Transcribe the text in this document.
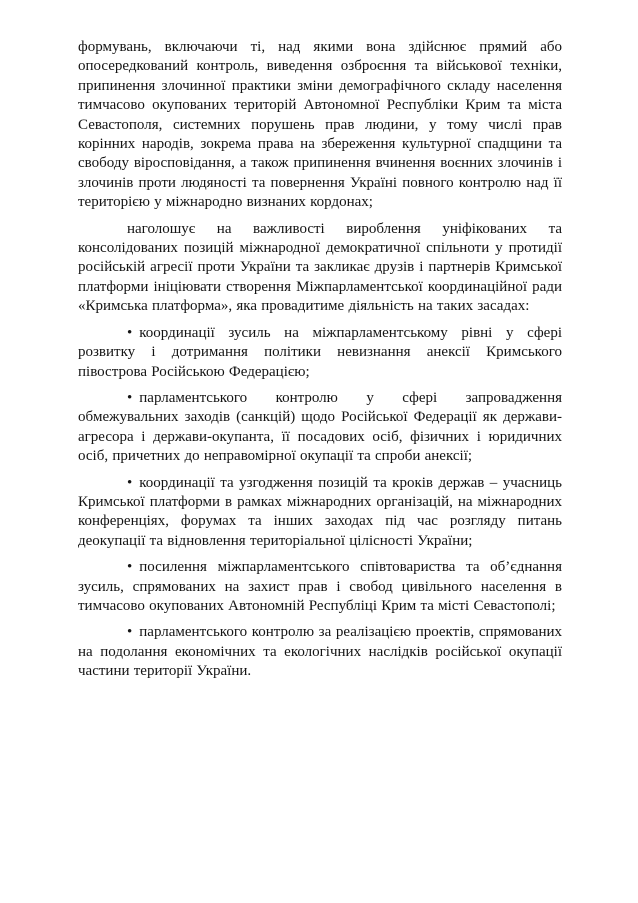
формувань, включаючи ті, над якими вона здійснює прямий або опосередкований контроль, виведення озброєння та військової техніки, припинення злочинної практики зміни демографічного складу населення тимчасово окупованих територій Автономної Республіки Крим та міста Севастополя, системних порушень прав людини, у тому числі прав корінних народів, зокрема права на збереження культурної спадщини та свободу віросповідання, а також припинення вчинення воєнних злочинів і злочинів проти людяності та повернення Україні повного контролю над її територією у міжнародно визнаних кордонах;

наголошує на важливості вироблення уніфікованих та консолідованих позицій міжнародної демократичної спільноти у протидії російській агресії проти України та закликає друзів і партнерів Кримської платформи ініціювати створення Міжпарламентської координаційної ради «Кримська платформа», яка провадитиме діяльність на таких засадах:

• координації зусиль на міжпарламентському рівні у сфері розвитку і дотримання політики невизнання анексії Кримського півострова Російською Федерацією;

• парламентського контролю у сфері запровадження обмежувальних заходів (санкцій) щодо Російської Федерації як держави-агресора і держави-окупанта, її посадових осіб, фізичних і юридичних осіб, причетних до неправомірної окупації та спроби анексії;

• координації та узгодження позицій та кроків держав – учасниць Кримської платформи в рамках міжнародних організацій, на міжнародних конференціях, форумах та інших заходах під час розгляду питань деокупації та відновлення територіальної цілісності України;

• посилення міжпарламентського співтовариства та об’єднання зусиль, спрямованих на захист прав і свобод цивільного населення в тимчасово окупованих Автономній Республіці Крим та місті Севастополі;

• парламентського контролю за реалізацією проектів, спрямованих на подолання економічних та екологічних наслідків російської окупації частини території України.
